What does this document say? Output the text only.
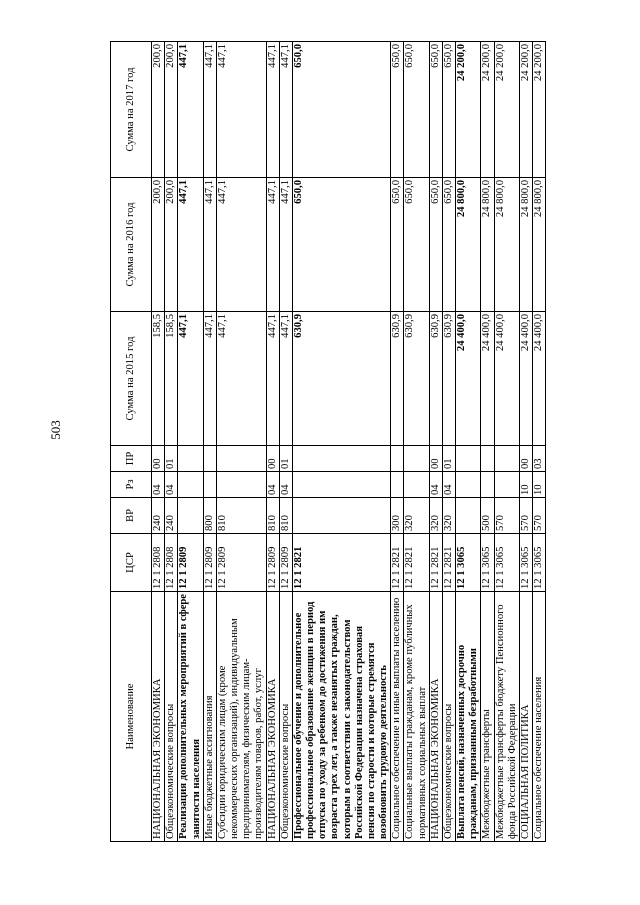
503
Наименование	ЦСР	ВР	Рз	ПР	Сумма на 2015 год	Сумма на 2016 год	Сумма на 2017 год
НАЦИОНАЛЬНАЯ ЭКОНОМИКА	12 1 2808	240	04	00	158,5	200,0	200,0
Общеэкономические вопросы	12 1 2808	240	04	01	158,5	200,0	200,0
Реализация дополнительных мероприятий в сфере занятости населения	12 1 2809				447,1	447,1	447,1
Иные бюджетные ассигнования	12 1 2809	800			447,1	447,1	447,1
Субсидии юридическим лицам (кроме некоммерческих организаций), индивидуальным предпринимателям, физическим лицам-производителям товаров, работ, услуг	12 1 2809	810			447,1	447,1	447,1
НАЦИОНАЛЬНАЯ ЭКОНОМИКА	12 1 2809	810	04	00	447,1	447,1	447,1
Общеэкономические вопросы	12 1 2809	810	04	01	447,1	447,1	447,1
Профессиональное обучение и дополнительное профессиональное образование женщин в период отпуска по уходу за ребенком до достижения им возраста трех лет, а также незанятых граждан, которым в соответствии с законодательством Российской Федерации назначена страховая пенсия по старости и которые стремятся возобновить трудовую деятельность	12 1 2821				630,9	650,0	650,0
Социальное обеспечение и иные выплаты населению	12 1 2821	300			630,9	650,0	650,0
Социальные выплаты гражданам, кроме публичных нормативных социальных выплат	12 1 2821	320			630,9	650,0	650,0
НАЦИОНАЛЬНАЯ ЭКОНОМИКА	12 1 2821	320	04	00	630,9	650,0	650,0
Общеэкономические вопросы	12 1 2821	320	04	01	630,9	650,0	650,0
Выплата пенсий, назначенных досрочно гражданам, признанным безработными	12 1 3065				24 400,0	24 800,0	24 200,0
Межбюджетные трансферты	12 1 3065	500			24 400,0	24 800,0	24 200,0
Межбюджетные трансферты бюджету Пенсионного фонда Российской Федерации	12 1 3065	570			24 400,0	24 800,0	24 200,0
СОЦИАЛЬНАЯ ПОЛИТИКА	12 1 3065	570	10	00	24 400,0	24 800,0	24 200,0
Социальное обеспечение населения	12 1 3065	570	10	03	24 400,0	24 800,0	24 200,0
